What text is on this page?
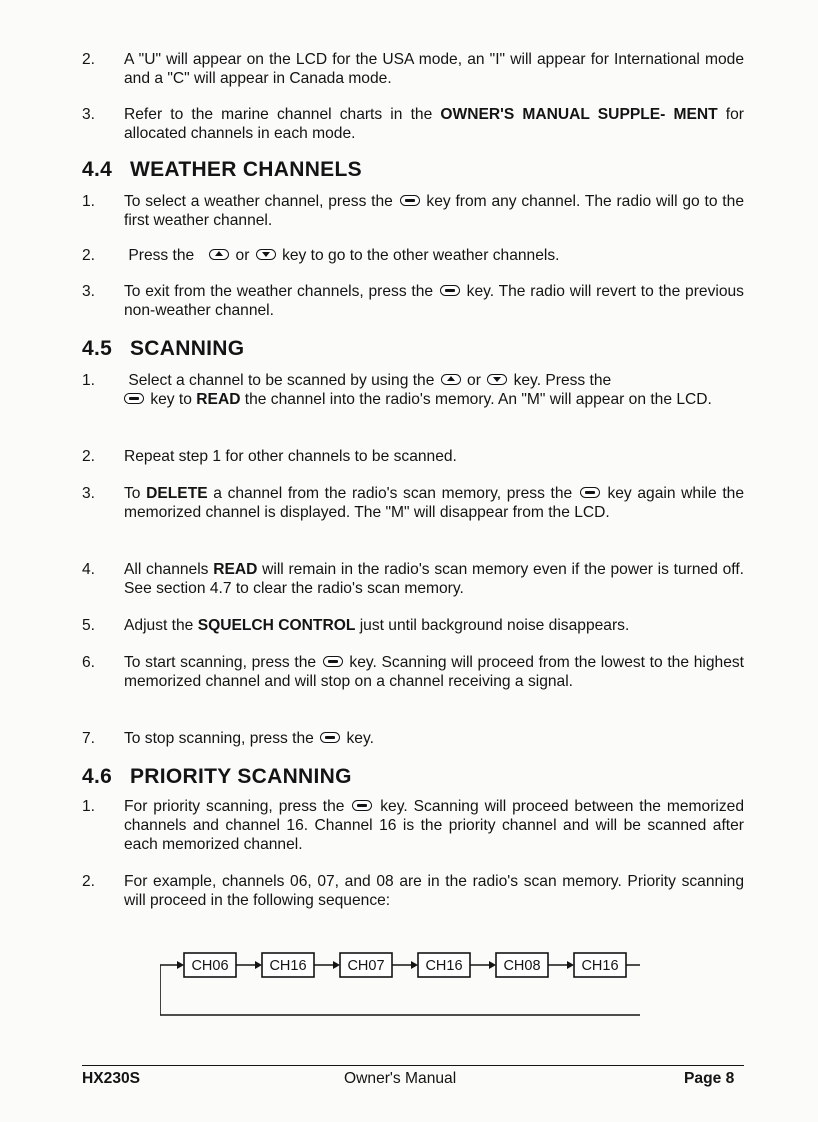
2.	A "U" will appear on the LCD for the USA mode, an "I" will appear for International mode and a "C" will appear in Canada mode.
3.	Refer to the marine channel charts in the OWNER'S MANUAL SUPPLE- MENT for allocated channels in each mode.
4.4 WEATHER CHANNELS
1.	To select a weather channel, press the  key from any channel. The radio will go to the first weather channel.
2.	Press the
or
key to go to the other weather channels.
3.	To exit from the weather channels, press the  key. The radio will revert to the previous non-weather channel.
4.5 SCANNING
1.	Select a channel to be scanned by using the
or
key. Press the
key to READ the channel into the radio's memory. An "M" will appear on the LCD.
2.	Repeat step 1 for other channels to be scanned.
3.	To DELETE a channel from the radio's scan memory, press the  key again while the memorized channel is displayed. The "M" will disappear from the LCD.
4.	All channels READ will remain in the radio's scan memory even if the power is turned off. See section 4.7 to clear the radio's scan memory.
5.	Adjust the SQUELCH CONTROL just until background noise disappears.
6.	To start scanning, press the  key. Scanning will proceed from the lowest to the highest memorized channel and will stop on a channel receiving a signal.
7.	To stop scanning, press the  key.
4.6 PRIORITY SCANNING
1.	For priority scanning, press the  key. Scanning will proceed between the memorized channels and channel 16. Channel 16 is the priority channel and will be scanned after each memorized channel.
2.	For example, channels 06, 07, and 08 are in the radio's scan memory. Priority scanning will proceed in the following sequence:
CH06	CH16	CH07	CH16	CH08	CH16
HX230S	Owner's Manual	Page 8
